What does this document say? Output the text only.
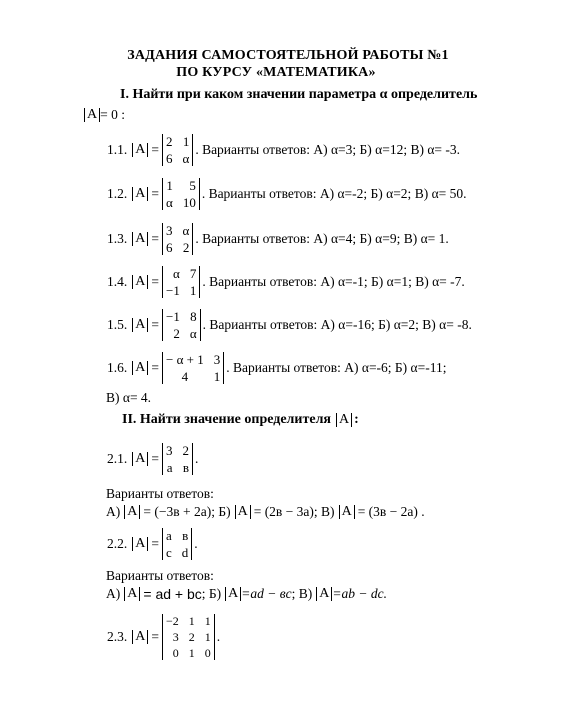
ЗАДАНИЯ САМОСТОЯТЕЛЬНОЙ РАБОТЫ №1
ПО КУРСУ «МАТЕМАТИКА»
I. Найти при каком значении параметра α определитель
A = 0 :
1.1. A =
2 1
6 α
. Варианты ответов: А) α=3; Б) α=12; В) α= -3.
1.2. A =
1	5
α 10
. Варианты ответов: А) α=-2; Б) α=2; В) α= 50.
1.3. A =
3 α
6 2
. Варианты ответов: А) α=4; Б) α=9; В) α= 1.
1.4. A =
α 7
−1 1
. Варианты ответов: А) α=-1; Б) α=1; В) α= -7.
1.5. A =
−1 8
2 α
. Варианты ответов: А) α=-16; Б) α=2; В) α= -8.
1.6. A =
− α + 1 3
4	1
. Варианты ответов: А) α=-6; Б) α=-11;
В) α= 4.
II. Найти значение определителя A :
2.1. A =
3 2
а в
.
Варианты ответов:
А) A = (−3в + 2а) ; Б) A = (2в − 3а) ; В) A = (3в − 2а) .
2.2. A =
a в
c d
.
Варианты ответов:
А) A = ad + bc ; Б) A =ad − вc ; В) A =ab − dc.
2.3. A =
−2 1 1
3 2 1
0 1 0
.
